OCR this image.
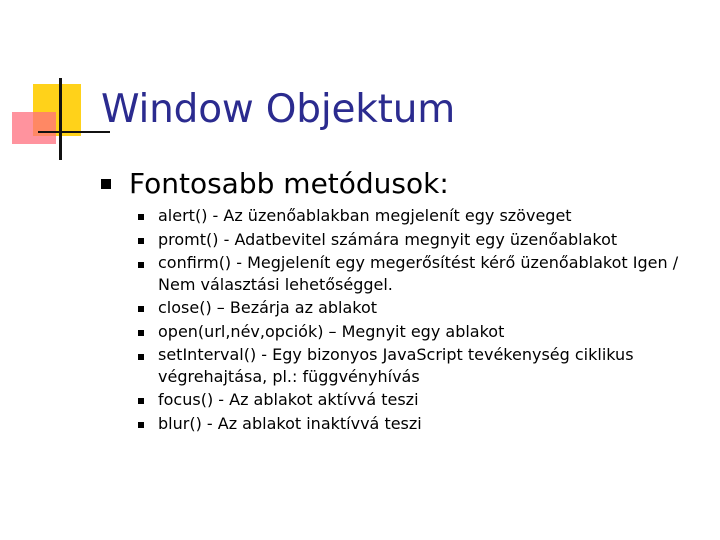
Window Objektum
Fontosabb metódusok:
alert() - Az üzenőablakban megjelenít egy szöveget
promt() - Adatbevitel számára megnyit egy üzenőablakot
confirm() - Megjelenít egy megerősítést kérő üzenőablakot Igen / Nem választási lehetőséggel.
close() – Bezárja az ablakot
open(url,név,opciók) – Megnyit egy ablakot
setInterval() - Egy bizonyos JavaScript tevékenység ciklikus végrehajtása, pl.: függvényhívás
focus() - Az ablakot aktívvá teszi
blur() - Az ablakot inaktívvá teszi
